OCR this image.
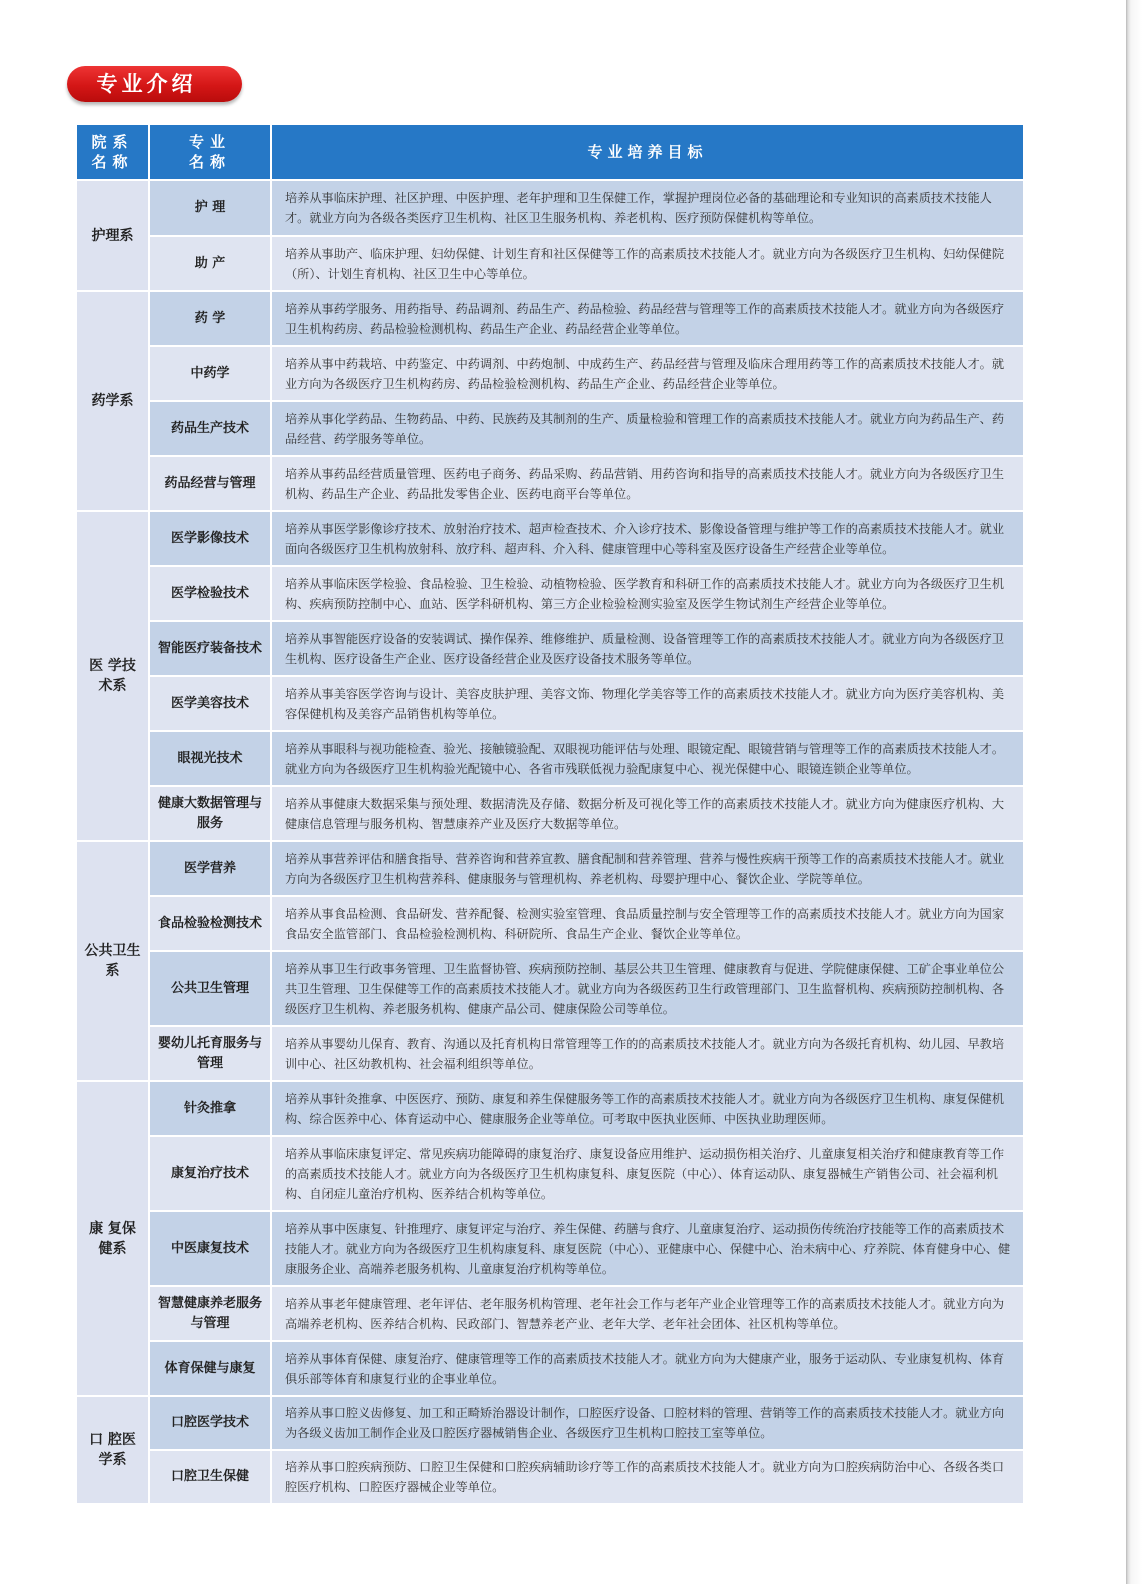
专业介绍
院系名称	专业名称	专业培养目标
护理系	护 理	培养从事临床护理、社区护理、中医护理、老年护理和卫生保健工作，掌握护理岗位必备的基础理论和专业知识的高素质技术技能人才。就业方向为各级各类医疗卫生机构、社区卫生服务机构、养老机构、医疗预防保健机构等单位。
	助 产	培养从事助产、临床护理、妇幼保健、计划生育和社区保健等工作的高素质技术技能人才。就业方向为各级医疗卫生机构、妇幼保健院（所）、计划生育机构、社区卫生中心等单位。
药学系	药 学	培养从事药学服务、用药指导、药品调剂、药品生产、药品检验、药品经营与管理等工作的高素质技术技能人才。就业方向为各级医疗卫生机构药房、药品检验检测机构、药品生产企业、药品经营企业等单位。
	中药学	培养从事中药栽培、中药鉴定、中药调剂、中药炮制、中成药生产、药品经营与管理及临床合理用药等工作的高素质技术技能人才。就业方向为各级医疗卫生机构药房、药品检验检测机构、药品生产企业、药品经营企业等单位。
	药品生产技术	培养从事化学药品、生物药品、中药、民族药及其制剂的生产、质量检验和管理工作的高素质技术技能人才。就业方向为药品生产、药品经营、药学服务等单位。
	药品经营与管理	培养从事药品经营质量管理、医药电子商务、药品采购、药品营销、用药咨询和指导的高素质技术技能人才。就业方向为各级医疗卫生机构、药品生产企业、药品批发零售企业、医药电商平台等单位。
医 学技术系	医学影像技术	培养从事医学影像诊疗技术、放射治疗技术、超声检查技术、介入诊疗技术、影像设备管理与维护等工作的高素质技术技能人才。就业面向各级医疗卫生机构放射科、放疗科、超声科、介入科、健康管理中心等科室及医疗设备生产经营企业等单位。
	医学检验技术	培养从事临床医学检验、食品检验、卫生检验、动植物检验、医学教育和科研工作的高素质技术技能人才。就业方向为各级医疗卫生机构、疾病预防控制中心、血站、医学科研机构、第三方企业检验检测实验室及医学生物试剂生产经营企业等单位。
	智能医疗装备技术	培养从事智能医疗设备的安装调试、操作保养、维修维护、质量检测、设备管理等工作的高素质技术技能人才。就业方向为各级医疗卫生机构、医疗设备生产企业、医疗设备经营企业及医疗设备技术服务等单位。
	医学美容技术	培养从事美容医学咨询与设计、美容皮肤护理、美容文饰、物理化学美容等工作的高素质技术技能人才。就业方向为医疗美容机构、美容保健机构及美容产品销售机构等单位。
	眼视光技术	培养从事眼科与视功能检查、验光、接触镜验配、双眼视功能评估与处理、眼镜定配、眼镜营销与管理等工作的高素质技术技能人才。就业方向为各级医疗卫生机构验光配镜中心、各省市残联低视力验配康复中心、视光保健中心、眼镜连锁企业等单位。
	健康大数据管理与服务	培养从事健康大数据采集与预处理、数据清洗及存储、数据分析及可视化等工作的高素质技术技能人才。就业方向为健康医疗机构、大健康信息管理与服务机构、智慧康养产业及医疗大数据等单位。
公共卫生系	医学营养	培养从事营养评估和膳食指导、营养咨询和营养宣教、膳食配制和营养管理、营养与慢性疾病干预等工作的高素质技术技能人才。就业方向为各级医疗卫生机构营养科、健康服务与管理机构、养老机构、母婴护理中心、餐饮企业、学院等单位。
	食品检验检测技术	培养从事食品检测、食品研发、营养配餐、检测实验室管理、食品质量控制与安全管理等工作的高素质技术技能人才。就业方向为国家食品安全监管部门、食品检验检测机构、科研院所、食品生产企业、餐饮企业等单位。
	公共卫生管理	培养从事卫生行政事务管理、卫生监督协管、疾病预防控制、基层公共卫生管理、健康教育与促进、学院健康保健、工矿企事业单位公共卫生管理、卫生保健等工作的高素质技术技能人才。就业方向为各级医药卫生行政管理部门、卫生监督机构、疾病预防控制机构、各级医疗卫生机构、养老服务机构、健康产品公司、健康保险公司等单位。
	婴幼儿托育服务与管理	培养从事婴幼儿保育、教育、沟通以及托育机构日常管理等工作的的高素质技术技能人才。就业方向为各级托育机构、幼儿园、早教培训中心、社区幼教机构、社会福利组织等单位。
康 复保健系	针灸推拿	培养从事针灸推拿、中医医疗、预防、康复和养生保健服务等工作的高素质技术技能人才。就业方向为各级医疗卫生机构、康复保健机构、综合医养中心、体育运动中心、健康服务企业等单位。可考取中医执业医师、中医执业助理医师。
	康复治疗技术	培养从事临床康复评定、常见疾病功能障碍的康复治疗、康复设备应用维护、运动损伤相关治疗、儿童康复相关治疗和健康教育等工作的高素质技术技能人才。就业方向为各级医疗卫生机构康复科、康复医院（中心）、体育运动队、康复器械生产销售公司、社会福利机构、自闭症儿童治疗机构、医养结合机构等单位。
	中医康复技术	培养从事中医康复、针推理疗、康复评定与治疗、养生保健、药膳与食疗、儿童康复治疗、运动损伤传统治疗技能等工作的高素质技术技能人才。就业方向为各级医疗卫生机构康复科、康复医院（中心）、亚健康中心、保健中心、治未病中心、疗养院、体育健身中心、健康服务企业、高端养老服务机构、儿童康复治疗机构等单位。
	智慧健康养老服务与管理	培养从事老年健康管理、老年评估、老年服务机构管理、老年社会工作与老年产业企业管理等工作的高素质技术技能人才。就业方向为高端养老机构、医养结合机构、民政部门、智慧养老产业、老年大学、老年社会团体、社区机构等单位。
	体育保健与康复	培养从事体育保健、康复治疗、健康管理等工作的高素质技术技能人才。就业方向为大健康产业，服务于运动队、专业康复机构、体育俱乐部等体育和康复行业的企事业单位。
口 腔医学系	口腔医学技术	培养从事口腔义齿修复、加工和正畸矫治器设计制作，口腔医疗设备、口腔材料的管理、营销等工作的高素质技术技能人才。就业方向为各级义齿加工制作企业及口腔医疗器械销售企业、各级医疗卫生机构口腔技工室等单位。
	口腔卫生保健	培养从事口腔疾病预防、口腔卫生保健和口腔疾病辅助诊疗等工作的高素质技术技能人才。就业方向为口腔疾病防治中心、各级各类口腔医疗机构、口腔医疗器械企业等单位。
